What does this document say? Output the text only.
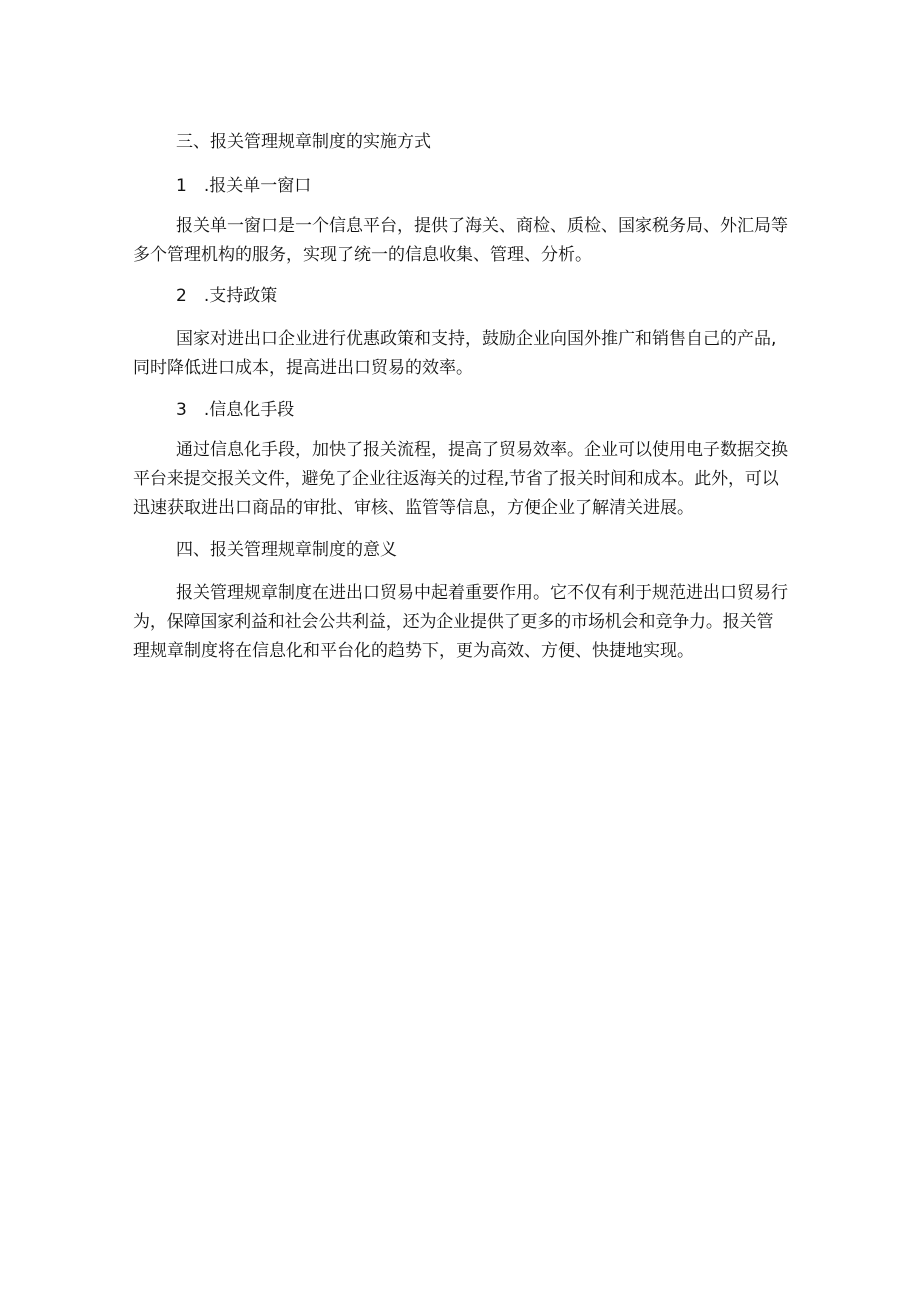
三、报关管理规章制度的实施方式
1　.报关单一窗口
报关单一窗口是一个信息平台，提供了海关、商检、质检、国家税务局、外汇局等
多个管理机构的服务，实现了统一的信息收集、管理、分析。
2　.支持政策
国家对进出口企业进行优惠政策和支持，鼓励企业向国外推广和销售自己的产品,
同时降低进口成本，提高进出口贸易的效率。
3　.信息化手段
通过信息化手段，加快了报关流程，提高了贸易效率。企业可以使用电子数据交换
平台来提交报关文件，避免了企业往返海关的过程,节省了报关时间和成本。此外，可以
迅速获取进出口商品的审批、审核、监管等信息，方便企业了解清关进展。
四、报关管理规章制度的意义
报关管理规章制度在进出口贸易中起着重要作用。它不仅有利于规范进出口贸易行
为，保障国家利益和社会公共利益，还为企业提供了更多的市场机会和竞争力。报关管
理规章制度将在信息化和平台化的趋势下，更为高效、方便、快捷地实现。
